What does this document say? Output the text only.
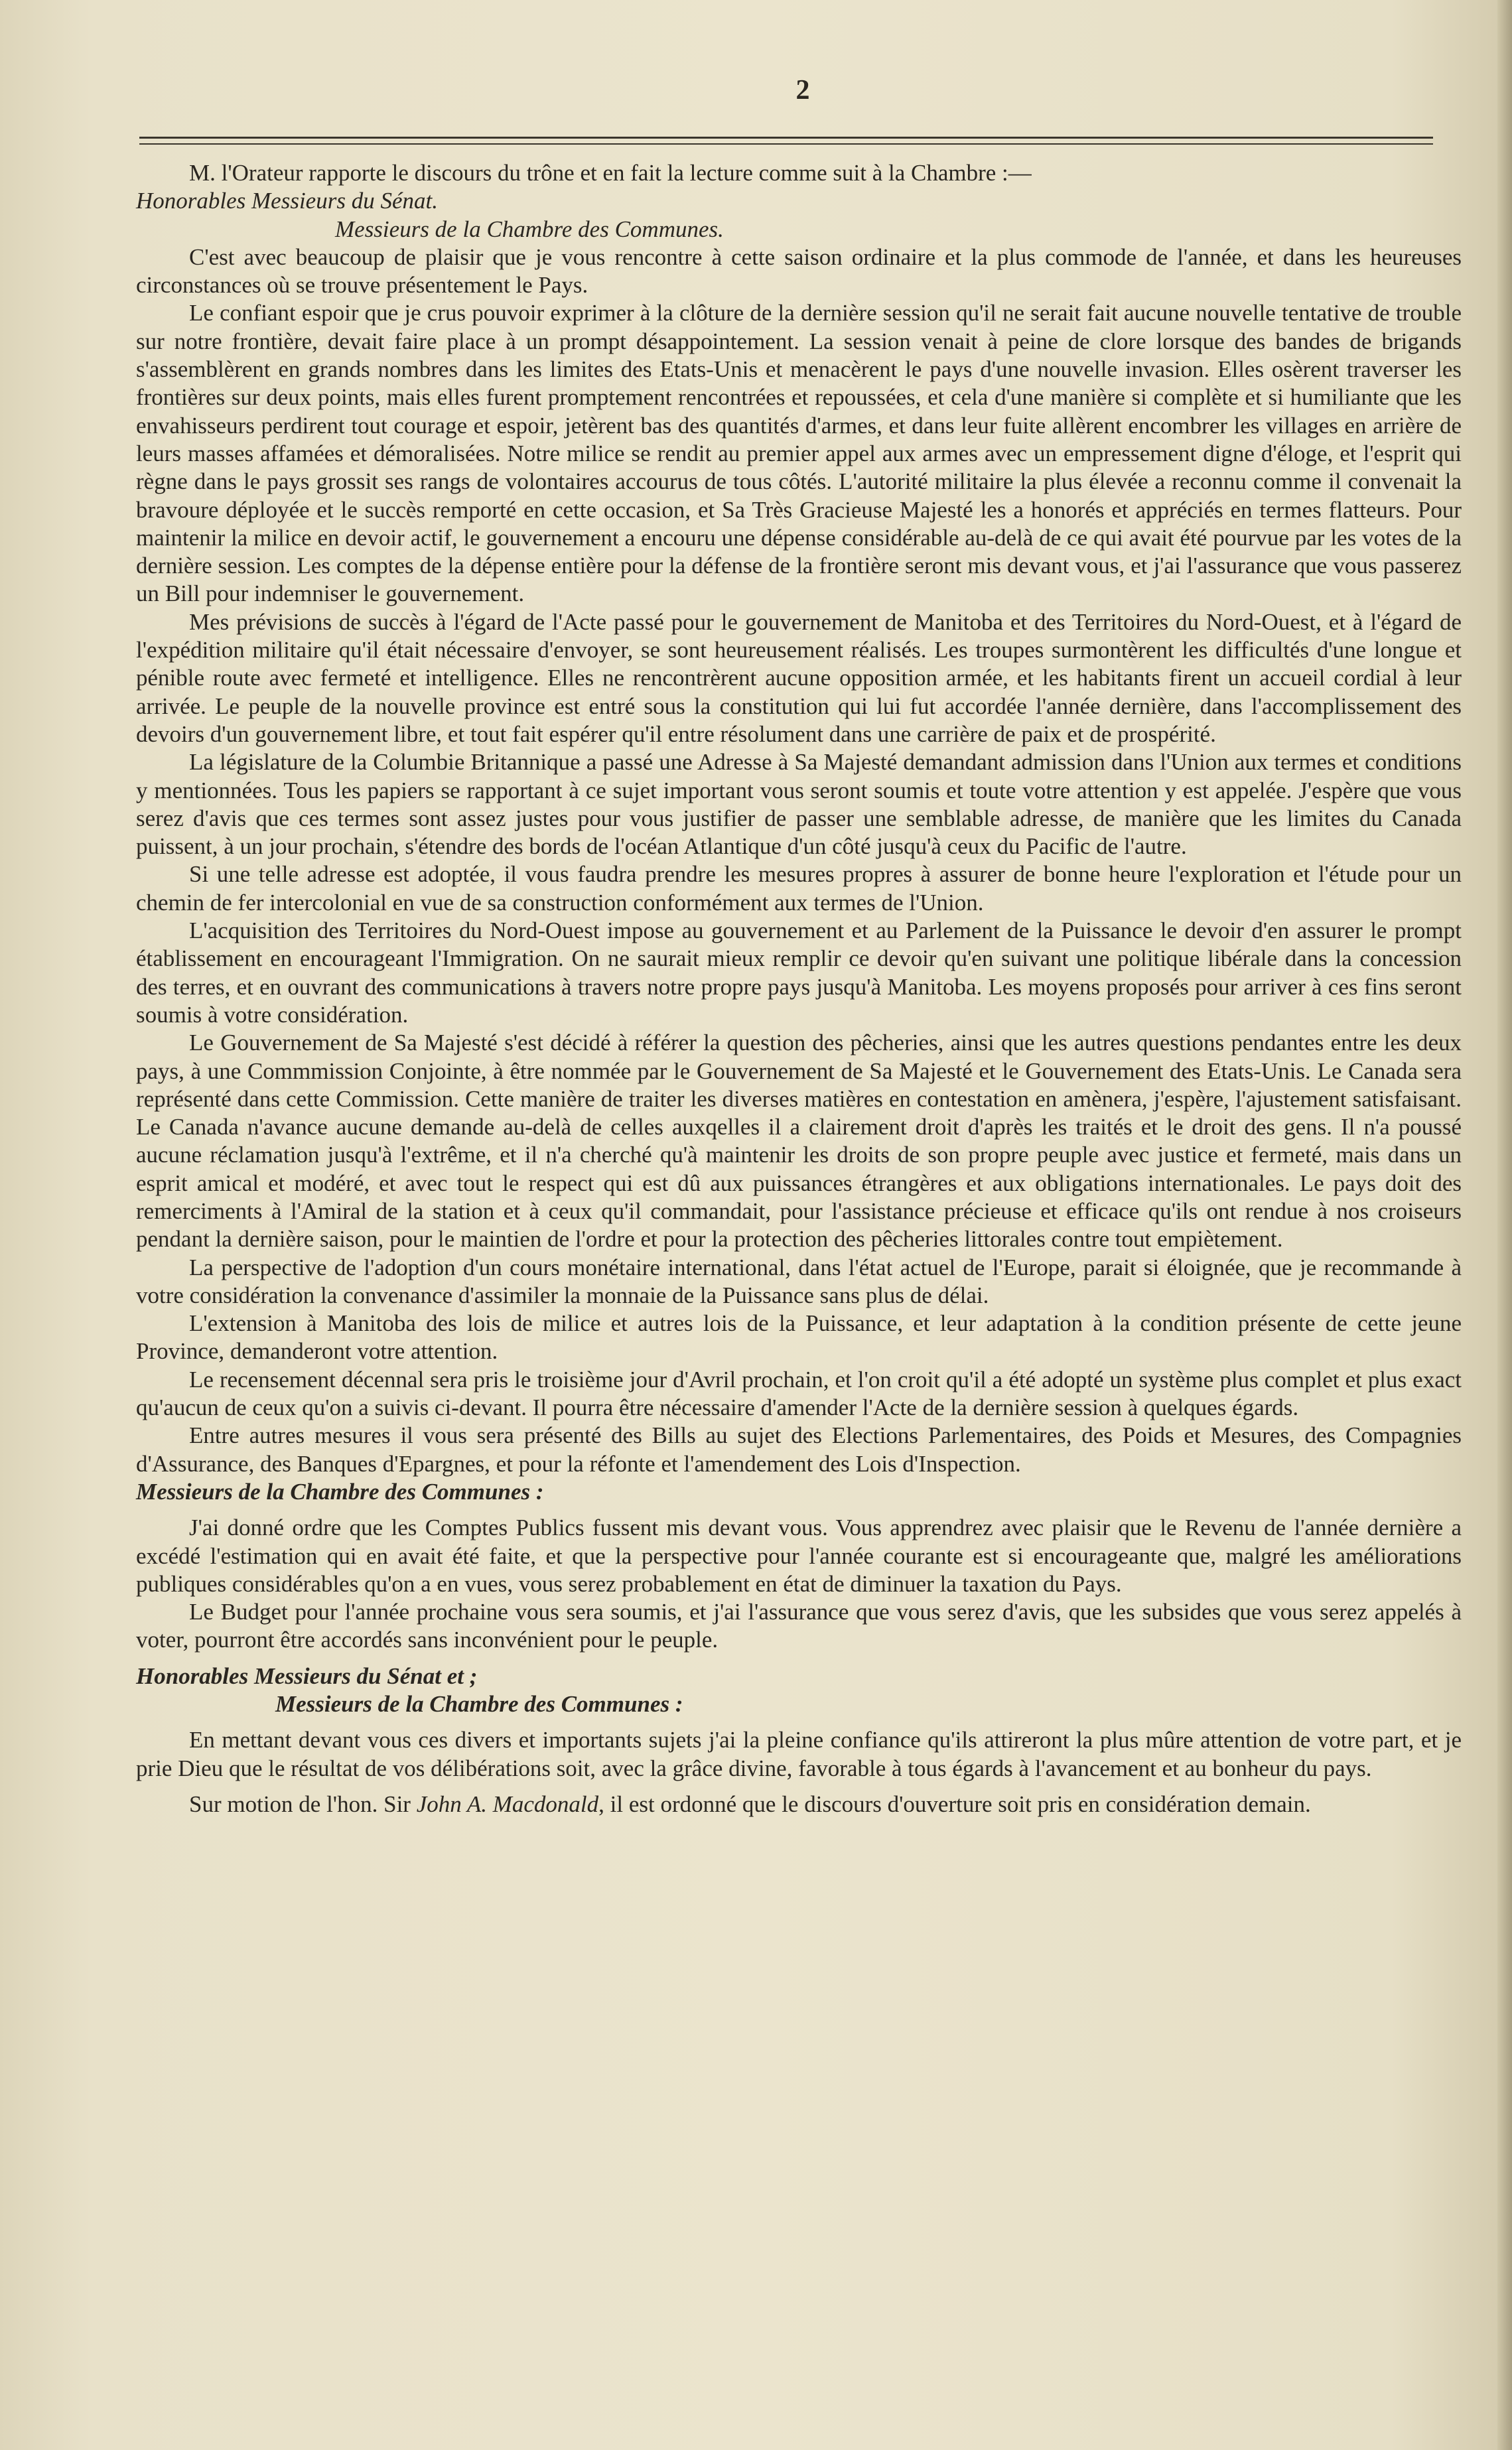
2

M. l'Orateur rapporte le discours du trône et en fait la lecture comme suit à la Chambre :—

Honorables Messieurs du Sénat.

Messieurs de la Chambre des Communes.

C'est avec beaucoup de plaisir que je vous rencontre à cette saison ordinaire et la plus commode de l'année, et dans les heureuses circonstances où se trouve présentement le Pays.

Le confiant espoir que je crus pouvoir exprimer à la clôture de la dernière session qu'il ne serait fait aucune nouvelle tentative de trouble sur notre frontière, devait faire place à un prompt désappointement. La session venait à peine de clore lorsque des bandes de brigands s'assemblèrent en grands nombres dans les limites des Etats-Unis et menacèrent le pays d'une nouvelle invasion. Elles osèrent traverser les frontières sur deux points, mais elles furent promptement rencontrées et repoussées, et cela d'une manière si complète et si humiliante que les envahisseurs perdirent tout courage et espoir, jetèrent bas des quantités d'armes, et dans leur fuite allèrent encombrer les villages en arrière de leurs masses affamées et démoralisées. Notre milice se rendit au premier appel aux armes avec un empressement digne d'éloge, et l'esprit qui règne dans le pays grossit ses rangs de volontaires accourus de tous côtés. L'autorité militaire la plus élevée a reconnu comme il convenait la bravoure déployée et le succès remporté en cette occasion, et Sa Très Gracieuse Majesté les a honorés et appréciés en termes flatteurs. Pour maintenir la milice en devoir actif, le gouvernement a encouru une dépense considérable au-delà de ce qui avait été pourvue par les votes de la dernière session. Les comptes de la dépense entière pour la défense de la frontière seront mis devant vous, et j'ai l'assurance que vous passerez un Bill pour indemniser le gouvernement.

Mes prévisions de succès à l'égard de l'Acte passé pour le gouvernement de Manitoba et des Territoires du Nord-Ouest, et à l'égard de l'expédition militaire qu'il était nécessaire d'envoyer, se sont heureusement réalisés. Les troupes surmontèrent les difficultés d'une longue et pénible route avec fermeté et intelligence. Elles ne rencontrèrent aucune opposition armée, et les habitants firent un accueil cordial à leur arrivée. Le peuple de la nouvelle province est entré sous la constitution qui lui fut accordée l'année dernière, dans l'accomplissement des devoirs d'un gouvernement libre, et tout fait espérer qu'il entre résolument dans une carrière de paix et de prospérité.

La législature de la Columbie Britannique a passé une Adresse à Sa Majesté demandant admission dans l'Union aux termes et conditions y mentionnées. Tous les papiers se rapportant à ce sujet important vous seront soumis et toute votre attention y est appelée. J'espère que vous serez d'avis que ces termes sont assez justes pour vous justifier de passer une semblable adresse, de manière que les limites du Canada puissent, à un jour prochain, s'étendre des bords de l'océan Atlantique d'un côté jusqu'à ceux du Pacific de l'autre.

Si une telle adresse est adoptée, il vous faudra prendre les mesures propres à assurer de bonne heure l'exploration et l'étude pour un chemin de fer intercolonial en vue de sa construction conformément aux termes de l'Union.

L'acquisition des Territoires du Nord-Ouest impose au gouvernement et au Parlement de la Puissance le devoir d'en assurer le prompt établissement en encourageant l'Immigration. On ne saurait mieux remplir ce devoir qu'en suivant une politique libérale dans la concession des terres, et en ouvrant des communications à travers notre propre pays jusqu'à Manitoba. Les moyens proposés pour arriver à ces fins seront soumis à votre considération.

Le Gouvernement de Sa Majesté s'est décidé à référer la question des pêcheries, ainsi que les autres questions pendantes entre les deux pays, à une Commmission Conjointe, à être nommée par le Gouvernement de Sa Majesté et le Gouvernement des Etats-Unis. Le Canada sera représenté dans cette Commission. Cette manière de traiter les diverses matières en contestation en amènera, j'espère, l'ajustement satisfaisant. Le Canada n'avance aucune demande au-delà de celles auxqelles il a clairement droit d'après les traités et le droit des gens. Il n'a poussé aucune réclamation jusqu'à l'extrême, et il n'a cherché qu'à maintenir les droits de son propre peuple avec justice et fermeté, mais dans un esprit amical et modéré, et avec tout le respect qui est dû aux puissances étrangères et aux obligations internationales. Le pays doit des remerciments à l'Amiral de la station et à ceux qu'il commandait, pour l'assistance précieuse et efficace qu'ils ont rendue à nos croiseurs pendant la dernière saison, pour le maintien de l'ordre et pour la protection des pêcheries littorales contre tout empiètement.

La perspective de l'adoption d'un cours monétaire international, dans l'état actuel de l'Europe, parait si éloignée, que je recommande à votre considération la convenance d'assimiler la monnaie de la Puissance sans plus de délai.

L'extension à Manitoba des lois de milice et autres lois de la Puissance, et leur adaptation à la condition présente de cette jeune Province, demanderont votre attention.

Le recensement décennal sera pris le troisième jour d'Avril prochain, et l'on croit qu'il a été adopté un système plus complet et plus exact qu'aucun de ceux qu'on a suivis ci-devant. Il pourra être nécessaire d'amender l'Acte de la dernière session à quelques égards.

Entre autres mesures il vous sera présenté des Bills au sujet des Elections Parlementaires, des Poids et Mesures, des Compagnies d'Assurance, des Banques d'Epargnes, et pour la réfonte et l'amendement des Lois d'Inspection.

Messieurs de la Chambre des Communes :

J'ai donné ordre que les Comptes Publics fussent mis devant vous. Vous apprendrez avec plaisir que le Revenu de l'année dernière a excédé l'estimation qui en avait été faite, et que la perspective pour l'année courante est si encourageante que, malgré les améliorations publiques considérables qu'on a en vues, vous serez probablement en état de diminuer la taxation du Pays.

Le Budget pour l'année prochaine vous sera soumis, et j'ai l'assurance que vous serez d'avis, que les subsides que vous serez appelés à voter, pourront être accordés sans inconvénient pour le peuple.

Honorables Messieurs du Sénat et ;

Messieurs de la Chambre des Communes :

En mettant devant vous ces divers et importants sujets j'ai la pleine confiance qu'ils attireront la plus mûre attention de votre part, et je prie Dieu que le résultat de vos délibérations soit, avec la grâce divine, favorable à tous égards à l'avancement et au bonheur du pays.

Sur motion de l'hon. Sir John A. Macdonald, il est ordonné que le discours d'ouverture soit pris en considération demain.
